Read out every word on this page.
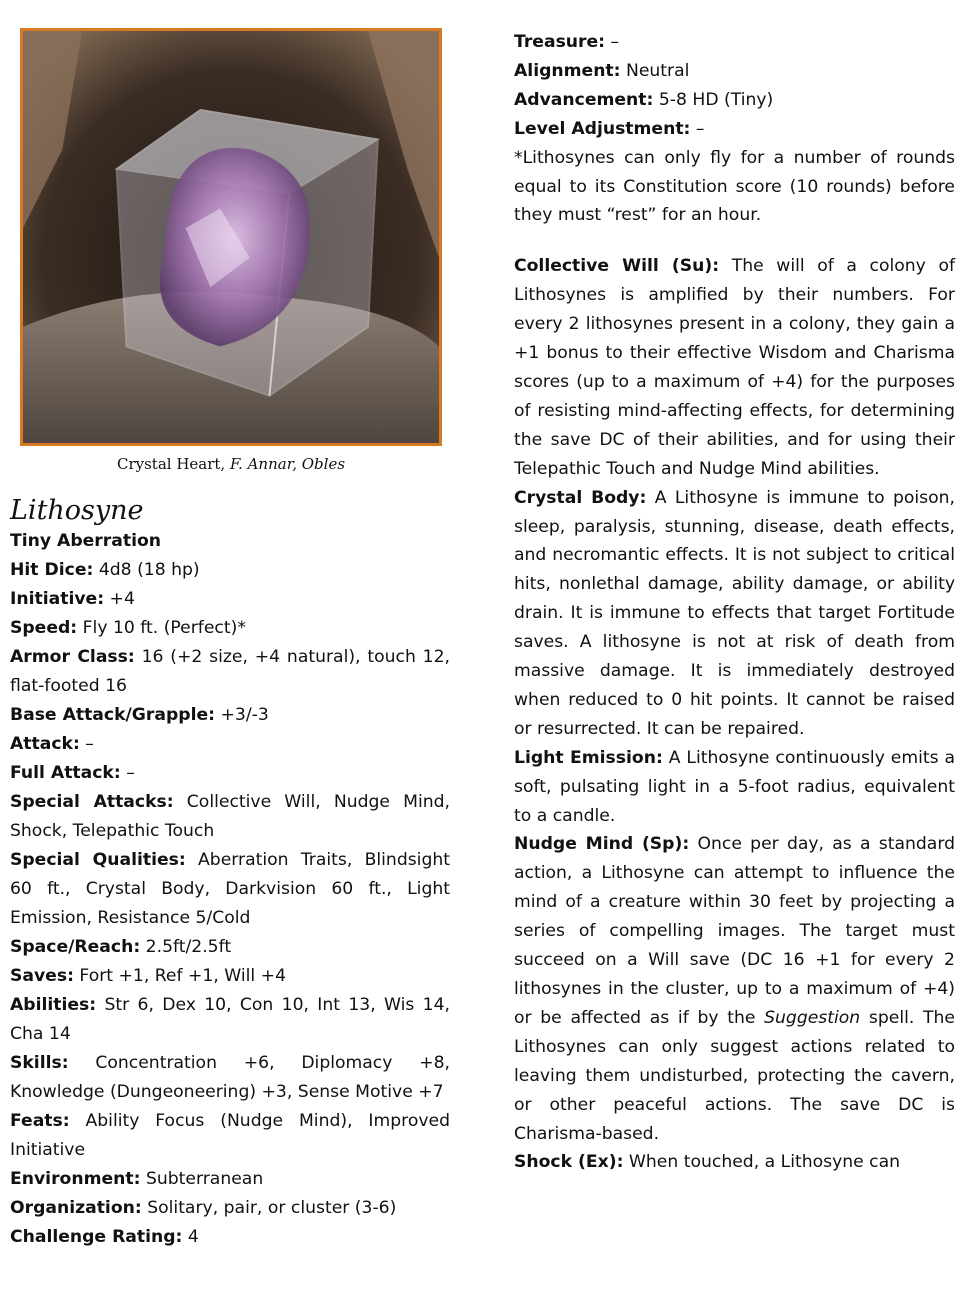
Crystal Heart, F. Annar, Obles
Lithosyne

Tiny Aberration

Hit Dice: 4d8 (18 hp)

Initiative: +4

Speed: Fly 10 ft. (Perfect)*

Armor Class: 16 (+2 size, +4 natural), touch 12, flat-footed 16

Base Attack/Grapple: +3/-3

Attack: –

Full Attack: –

Special Attacks: Collective Will, Nudge Mind, Shock, Telepathic Touch

Special Qualities: Aberration Traits, Blindsight 60 ft., Crystal Body, Darkvision 60 ft., Light Emission, Resistance 5/Cold

Space/Reach: 2.5ft/2.5ft

Saves: Fort +1, Ref +1, Will +4

Abilities: Str 6, Dex 10, Con 10, Int 13, Wis 14, Cha 14

Skills: Concentration +6, Diplomacy +8, Knowledge (Dungeoneering) +3, Sense Motive +7

Feats: Ability Focus (Nudge Mind), Improved Initiative

Environment: Subterranean

Organization: Solitary, pair, or cluster (3-6)

Challenge Rating: 4

Treasure: –

Alignment: Neutral

Advancement: 5-8 HD (Tiny)

Level Adjustment: –

*Lithosynes can only fly for a number of rounds equal to its Constitution score (10 rounds) before they must “rest” for an hour.

Collective Will (Su): The will of a colony of Lithosynes is amplified by their numbers. For every 2 lithosynes present in a colony, they gain a +1 bonus to their effective Wisdom and Charisma scores (up to a maximum of +4) for the purposes of resisting mind-affecting effects, for determining the save DC of their abilities, and for using their Telepathic Touch and Nudge Mind abilities.

Crystal Body: A Lithosyne is immune to poison, sleep, paralysis, stunning, disease, death effects, and necromantic effects. It is not subject to critical hits, nonlethal damage, ability damage, or ability drain. It is immune to effects that target Fortitude saves. A lithosyne is not at risk of death from massive damage. It is immediately destroyed when reduced to 0 hit points. It cannot be raised or resurrected. It can be repaired.

Light Emission: A Lithosyne continuously emits a soft, pulsating light in a 5-foot radius, equivalent to a candle.

Nudge Mind (Sp): Once per day, as a standard action, a Lithosyne can attempt to influence the mind of a creature within 30 feet by projecting a series of compelling images. The target must succeed on a Will save (DC 16 +1 for every 2 lithosynes in the cluster, up to a maximum of +4) or be affected as if by the Suggestion spell. The Lithosynes can only suggest actions related to leaving them undisturbed, protecting the cavern, or other peaceful actions. The save DC is Charisma-based.

Shock (Ex): When touched, a Lithosyne can
